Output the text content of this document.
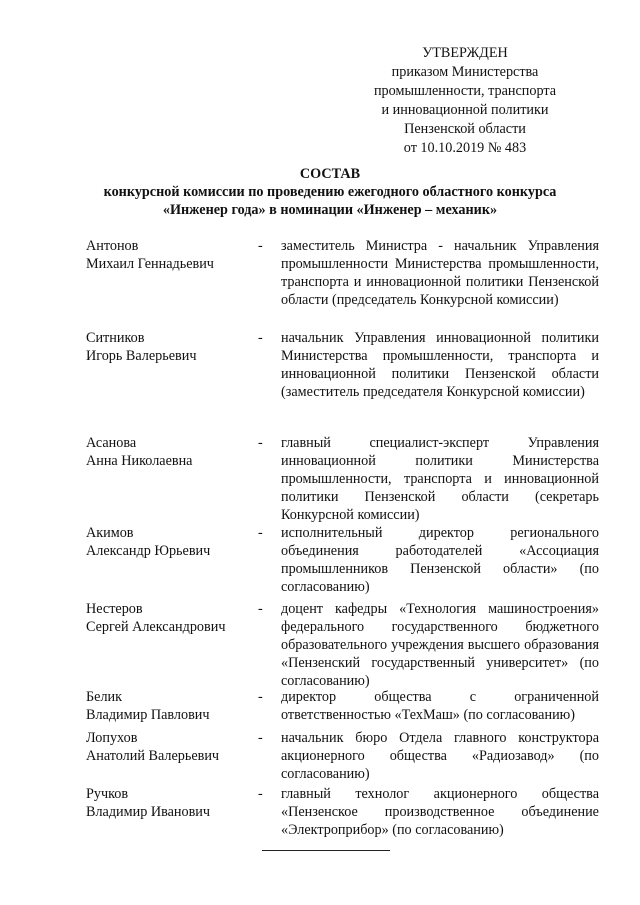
УТВЕРЖДЕН
приказом Министерства
промышленности, транспорта
и инновационной политики
Пензенской области
от 10.10.2019 № 483
СОСТАВ
конкурсной комиссии по проведению ежегодного областного конкурса
«Инженер года» в номинации «Инженер – механик»
Антонов
Михаил Геннадьевич
- заместитель Министра - начальник Управления промышленности Министерства промышленности, транспорта и инновационной политики Пензенской области (председатель Конкурсной комиссии)
Ситников
Игорь Валерьевич
- начальник Управления инновационной политики Министерства промышленности, транспорта и инновационной политики Пензенской области (заместитель председателя Конкурсной комиссии)
Асанова
Анна Николаевна
- главный специалист-эксперт Управления инновационной политики Министерства промышленности, транспорта и инновационной политики Пензенской области (секретарь Конкурсной комиссии)
Акимов
Александр Юрьевич
- исполнительный директор регионального объединения работодателей «Ассоциация промышленников Пензенской области» (по согласованию)
Нестеров
Сергей Александрович
- доцент кафедры «Технология машиностроения» федерального государственного бюджетного образовательного учреждения высшего образования «Пензенский государственный университет» (по согласованию)
Белик
Владимир Павлович
- директор общества с ограниченной ответственностью «ТехМаш» (по согласованию)
Лопухов
Анатолий Валерьевич
- начальник бюро Отдела главного конструктора акционерного общества «Радиозавод» (по согласованию)
Ручков
Владимир Иванович
- главный технолог акционерного общества «Пензенское производственное объединение «Электроприбор» (по согласованию)
